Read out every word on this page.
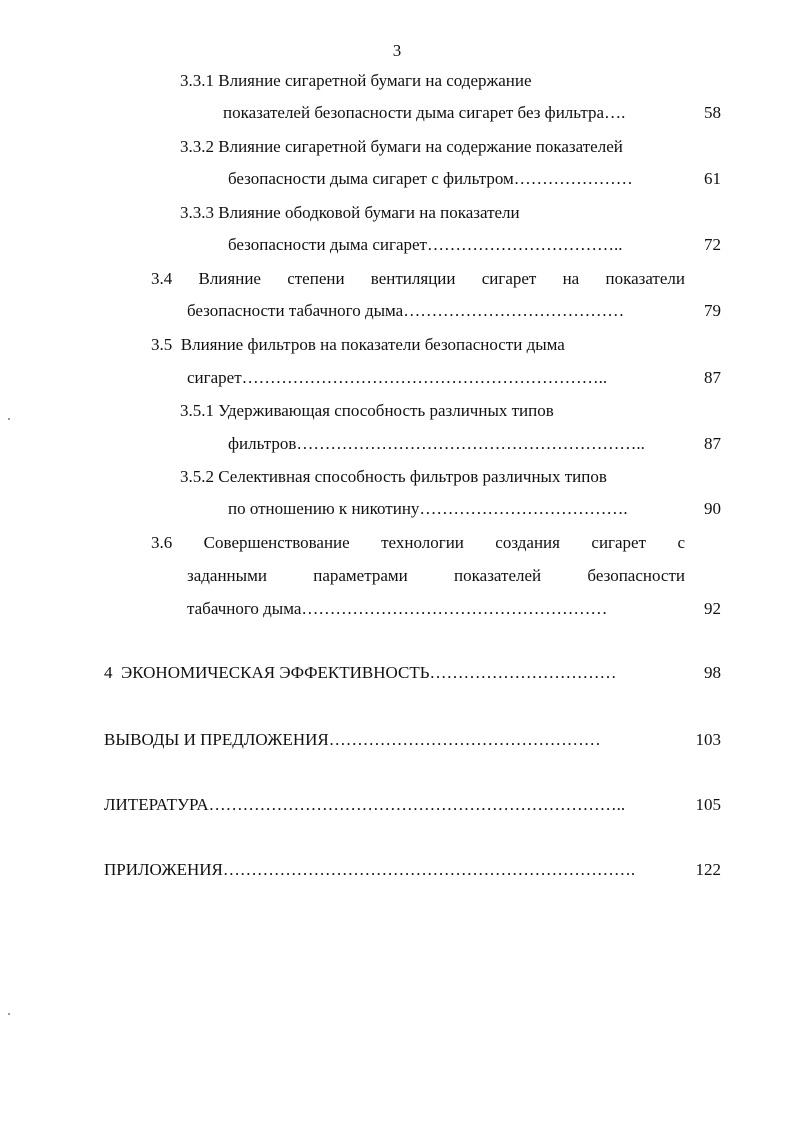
3
3.3.1 Влияние сигаретной бумаги на содержание
показателей безопасности дыма сигарет без фильтра….	58
3.3.2 Влияние сигаретной бумаги на содержание показателей
безопасности дыма сигарет с фильтром…………………	61
3.3.3 Влияние ободковой бумаги на показатели
безопасности дыма сигарет……………………………..	72
3.4 Влияние степени вентиляции сигарет на показатели
безопасности табачного дыма…………………………………	79
3.5 Влияние фильтров на показатели безопасности дыма
сигарет………………………………………………………..	87
3.5.1 Удерживающая способность различных типов
фильтров……………………………………………………..	87
3.5.2 Селективная способность фильтров различных типов
по отношению к никотину……………………………….	90
3.6 Совершенствование технологии создания сигарет с
заданными параметрами показателей безопасности
табачного дыма………………………………………………	92
4 ЭКОНОМИЧЕСКАЯ ЭФФЕКТИВНОСТЬ……………………………	98
ВЫВОДЫ И ПРЕДЛОЖЕНИЯ…………………………………………	103
ЛИТЕРАТУРА………………………………………………………………..	105
ПРИЛОЖЕНИЯ……………………………………………………………….	122
